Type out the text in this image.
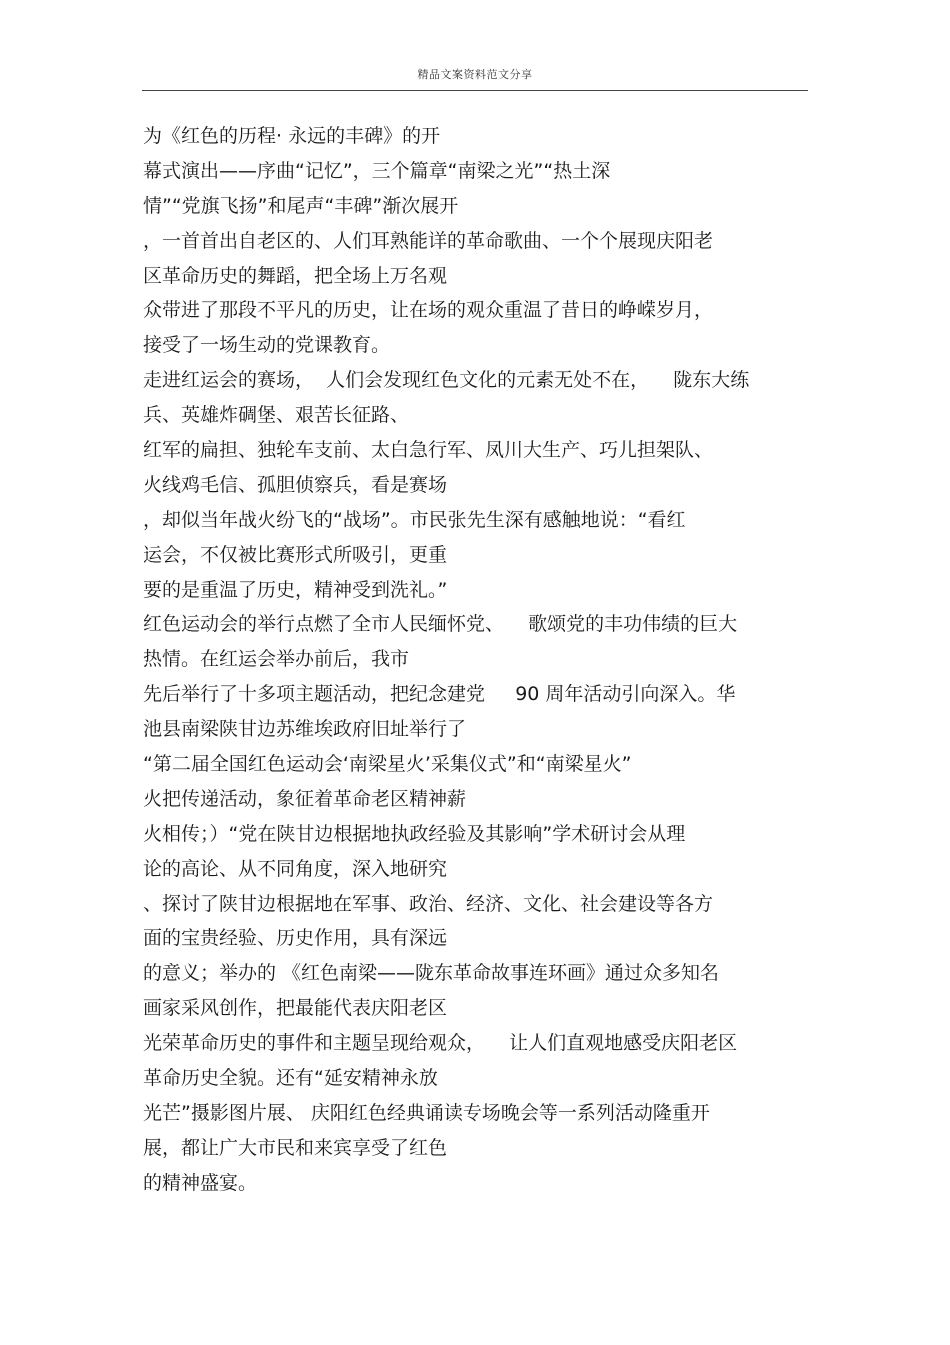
精品文案资料范文分享
为《红色的历程· 永远的丰碑》的开
幕式演出——序曲“记忆”，三个篇章“南梁之光”“热土深
情”“党旗飞扬”和尾声“丰碑”渐次展开
，一首首出自老区的、人们耳熟能详的革命歌曲、一个个展现庆阳老
区革命历史的舞蹈，把全场上万名观
众带进了那段不平凡的历史，让在场的观众重温了昔日的峥嵘岁月，
接受了一场生动的党课教育。
走进红运会的赛场，  人们会发现红色文化的元素无处不在，    陇东大练
兵、英雄炸碉堡、艰苦长征路、
红军的扁担、独轮车支前、太白急行军、凤川大生产、巧儿担架队、
火线鸡毛信、孤胆侦察兵，看是赛场
，却似当年战火纷飞的“战场”。市民张先生深有感触地说：“看红
运会，不仅被比赛形式所吸引，更重
要的是重温了历史，精神受到洗礼。”
红色运动会的举行点燃了全市人民缅怀党、    歌颂党的丰功伟绩的巨大
热情。在红运会举办前后，我市
先后举行了十多项主题活动，把纪念建党     90 周年活动引向深入。华
池县南梁陕甘边苏维埃政府旧址举行了
“第二届全国红色运动会‘南梁星火’采集仪式”和“南梁星火”
火把传递活动，象征着革命老区精神薪
火相传；）“党在陕甘边根据地执政经验及其影响”学术研讨会从理
论的高论、从不同角度，深入地研究
、探讨了陕甘边根据地在军事、政治、经济、文化、社会建设等各方
面的宝贵经验、历史作用，具有深远
的意义；举办的 《红色南梁——陇东革命故事连环画》通过众多知名
画家采风创作，把最能代表庆阳老区
光荣革命历史的事件和主题呈现给观众，    让人们直观地感受庆阳老区
革命历史全貌。还有“延安精神永放
光芒”摄影图片展、 庆阳红色经典诵读专场晚会等一系列活动隆重开
展，都让广大市民和来宾享受了红色
的精神盛宴。
